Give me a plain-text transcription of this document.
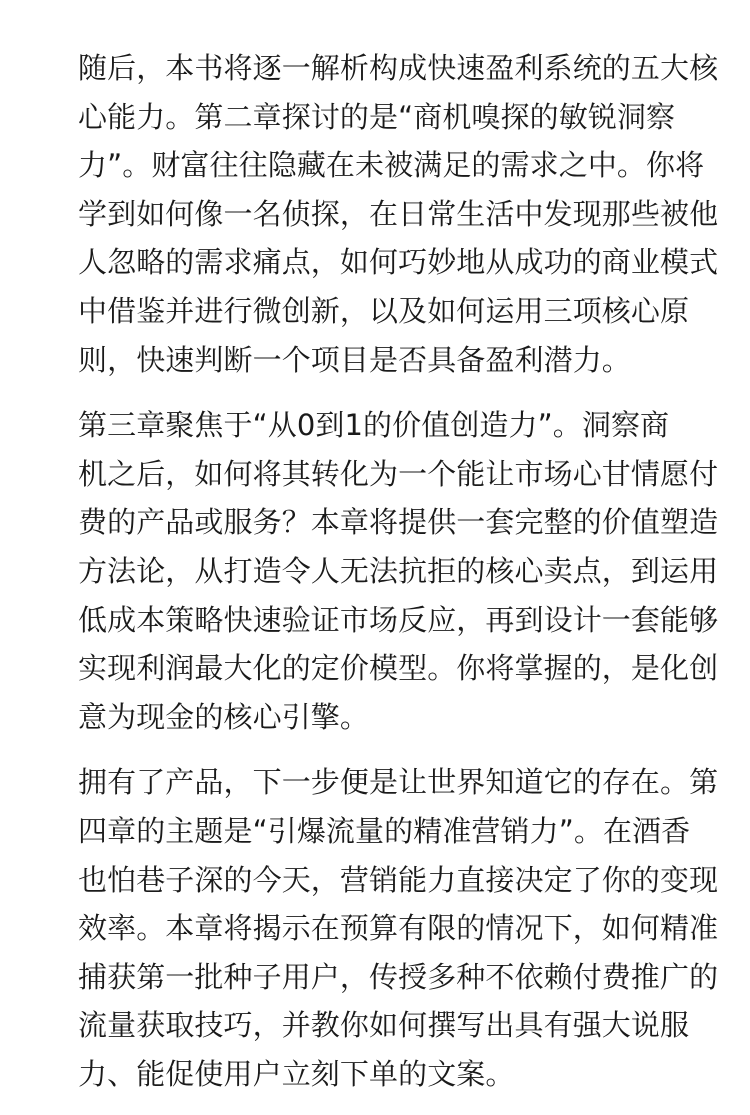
随后，本书将逐一解析构成快速盈利系统的五大核
心能力。第二章探讨的是“商机嗅探的敏锐洞察
力”。财富往往隐藏在未被满足的需求之中。你将
学到如何像一名侦探，在日常生活中发现那些被他
人忽略的需求痛点，如何巧妙地从成功的商业模式
中借鉴并进行微创新，以及如何运用三项核心原
则，快速判断一个项目是否具备盈利潜力。

第三章聚焦于“从0到1的价值创造力”。洞察商
机之后，如何将其转化为一个能让市场心甘情愿付
费的产品或服务？本章将提供一套完整的价值塑造
方法论，从打造令人无法抗拒的核心卖点，到运用
低成本策略快速验证市场反应，再到设计一套能够
实现利润最大化的定价模型。你将掌握的，是化创
意为现金的核心引擎。

拥有了产品，下一步便是让世界知道它的存在。第
四章的主题是“引爆流量的精准营销力”。在酒香
也怕巷子深的今天，营销能力直接决定了你的变现
效率。本章将揭示在预算有限的情况下，如何精准
捕获第一批种子用户，传授多种不依赖付费推广的
流量获取技巧，并教你如何撰写出具有强大说服
力、能促使用户立刻下单的文案。
